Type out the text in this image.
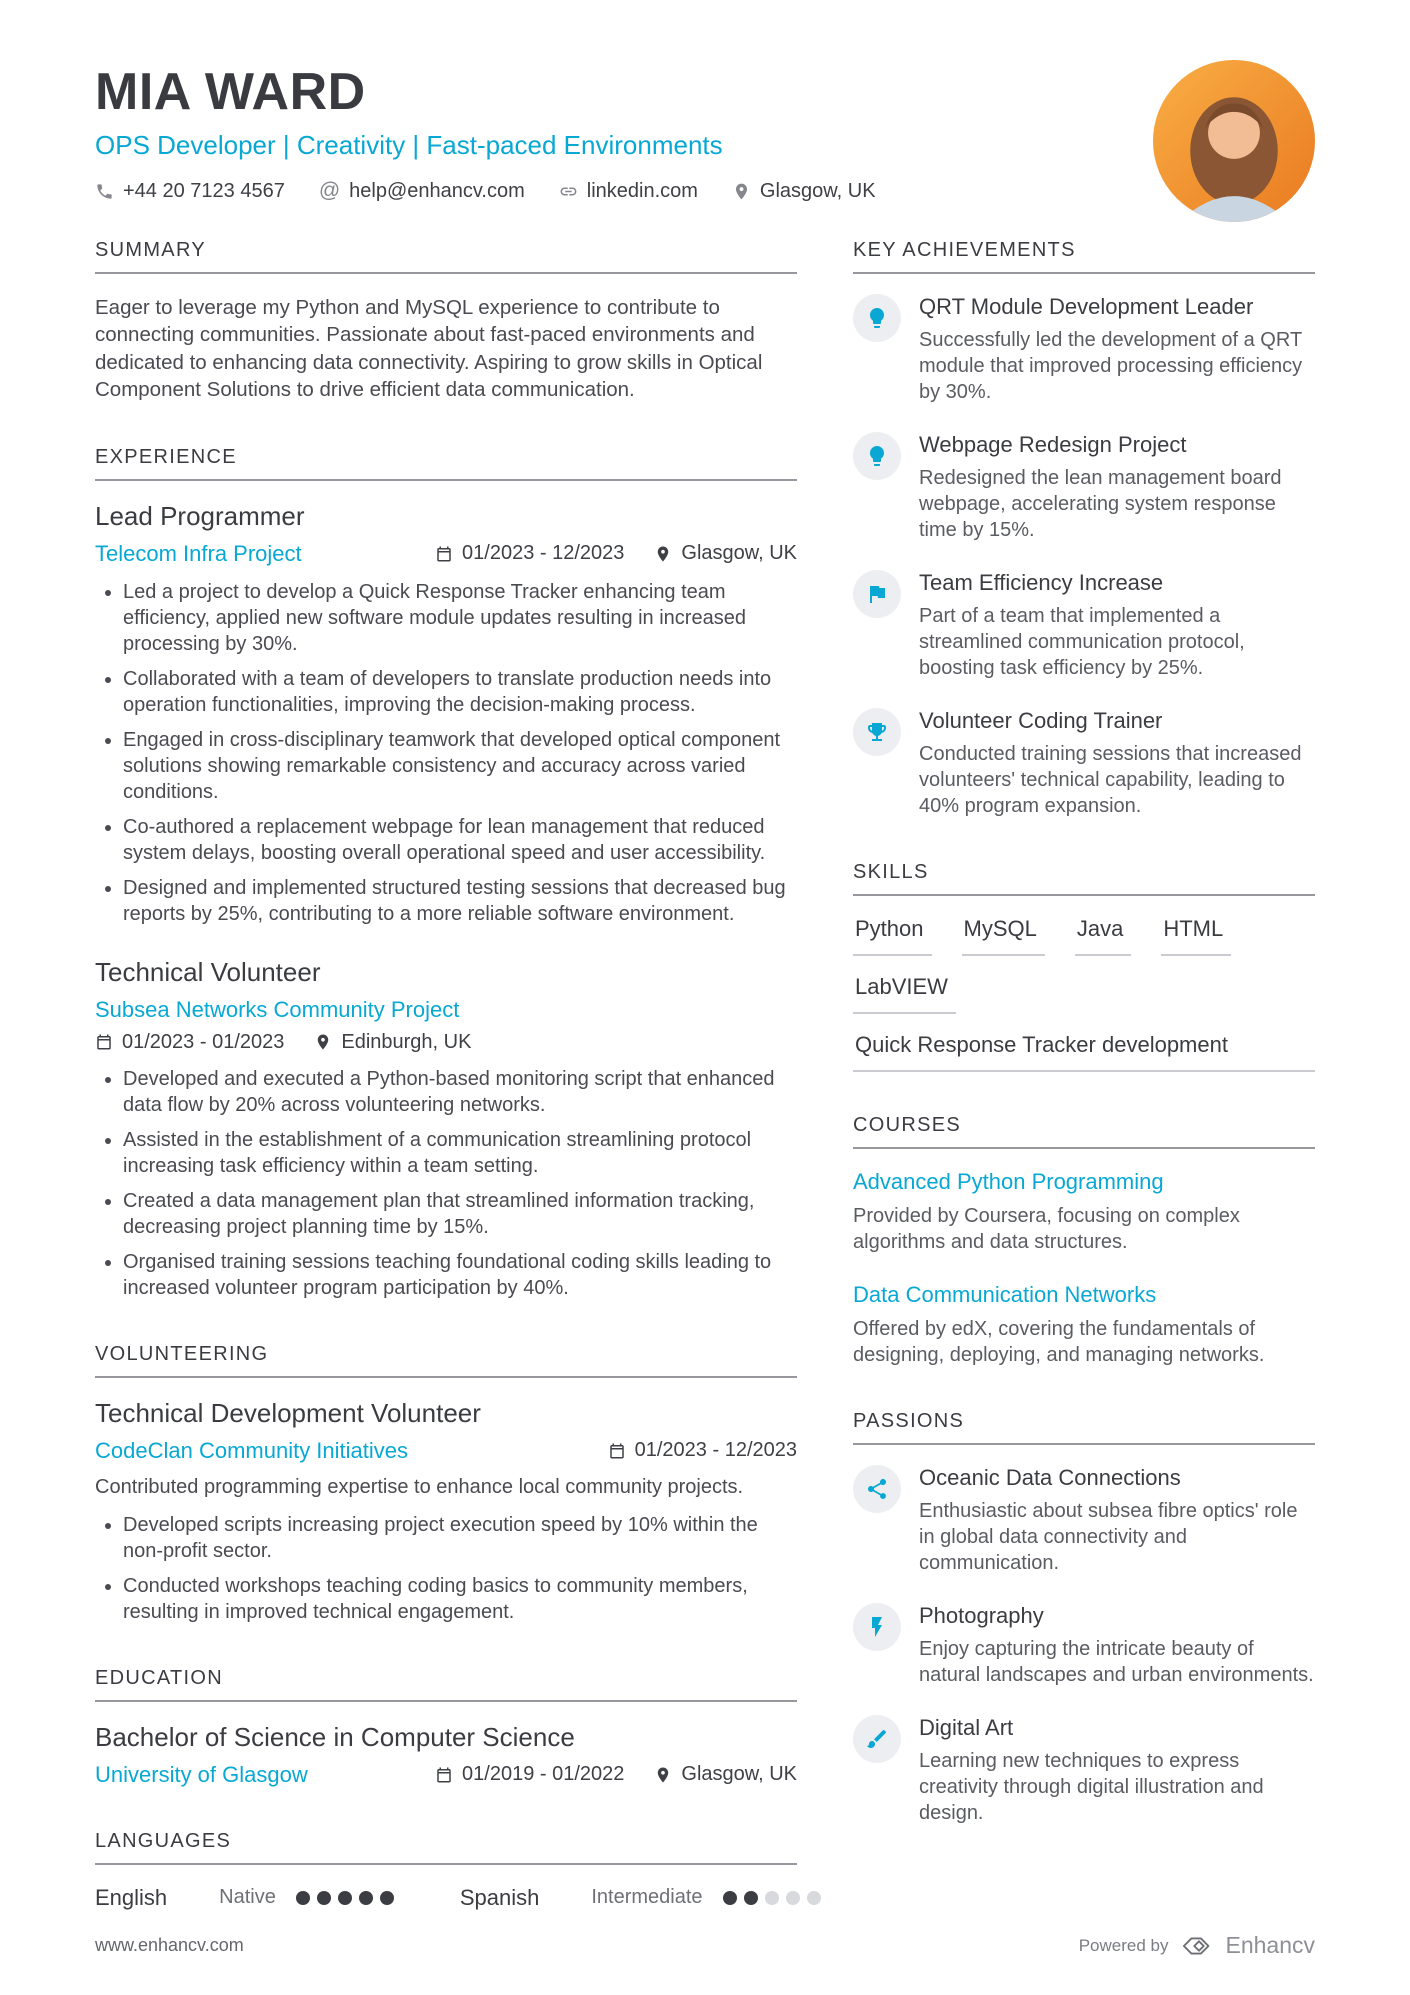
MIA WARD
OPS Developer | Creativity | Fast-paced Environments
+44 20 7123 4567 @ help@enhancv.com	linkedin.com	Glasgow, UK
SUMMARY

Eager to leverage my Python and MySQL experience to contribute to connecting communities. Passionate about fast-paced environments and dedicated to enhancing data connectivity. Aspiring to grow skills in Optical Component Solutions to drive efficient data communication.

EXPERIENCE
Lead Programmer
Telecom Infra Project	01/2023 - 12/2023	Glasgow, UK
• Led a project to develop a Quick Response Tracker enhancing team efficiency, applied new software module updates resulting in increased processing by 30%.
• Collaborated with a team of developers to translate production needs into operation functionalities, improving the decision-making process.
• Engaged in cross-disciplinary teamwork that developed optical component solutions showing remarkable consistency and accuracy across varied conditions.
• Co-authored a replacement webpage for lean management that reduced system delays, boosting overall operational speed and user accessibility.
• Designed and implemented structured testing sessions that decreased bug reports by 25%, contributing to a more reliable software environment.
Technical Volunteer
Subsea Networks Community Project
01/2023 - 01/2023	Edinburgh, UK
• Developed and executed a Python-based monitoring script that enhanced data flow by 20% across volunteering networks.
• Assisted in the establishment of a communication streamlining protocol increasing task efficiency within a team setting.
• Created a data management plan that streamlined information tracking, decreasing project planning time by 15%.
• Organised training sessions teaching foundational coding skills leading to increased volunteer program participation by 40%.
VOLUNTEERING
Technical Development Volunteer
CodeClan Community Initiatives	01/2023 - 12/2023
Contributed programming expertise to enhance local community projects.
• Developed scripts increasing project execution speed by 10% within the non-profit sector.
• Conducted workshops teaching coding basics to community members, resulting in improved technical engagement.
EDUCATION
Bachelor of Science in Computer Science
University of Glasgow	01/2019 - 01/2022	Glasgow, UK
LANGUAGES
English	Native	Spanish	Intermediate
KEY ACHIEVEMENTS
QRT Module Development Leader
Successfully led the development of a QRT module that improved processing efficiency by 30%.
Webpage Redesign Project
Redesigned the lean management board webpage, accelerating system response time by 15%.
Team Efficiency Increase
Part of a team that implemented a streamlined communication protocol, boosting task efficiency by 25%.
Volunteer Coding Trainer
Conducted training sessions that increased volunteers' technical capability, leading to 40% program expansion.
SKILLS
Python	MySQL	Java	HTML
LabVIEW
Quick Response Tracker development
COURSES
Advanced Python Programming
Provided by Coursera, focusing on complex algorithms and data structures.
Data Communication Networks
Offered by edX, covering the fundamentals of designing, deploying, and managing networks.
PASSIONS
Oceanic Data Connections
Enthusiastic about subsea fibre optics' role in global data connectivity and communication.
Photography
Enjoy capturing the intricate beauty of natural landscapes and urban environments.
Digital Art
Learning new techniques to express creativity through digital illustration and design.
www.enhancv.com	Powered by Enhancv
